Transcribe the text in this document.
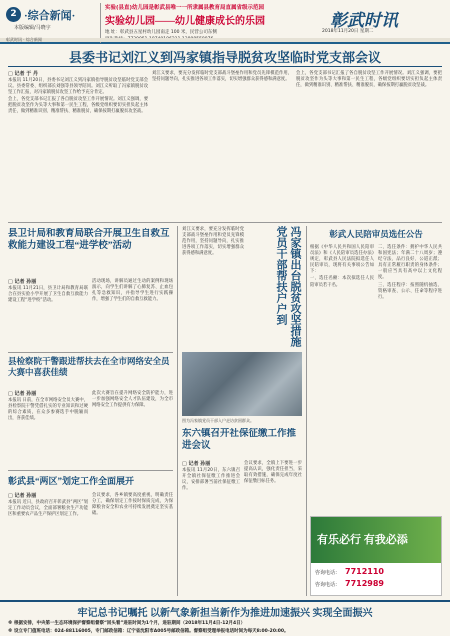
2 ·综合新闻·
本版编辑/马晓宇
实验(县直)幼儿园是彰武县唯一一所隶属县教育局直属省级示范园
实验幼儿园——幼儿健康成长的乐园
地 址：彰武县五星村幼儿园南走 100 米，民营公司东侧
彰武时讯
2018年11月20日 星期二
彰武时讯 · 综合新闻
县委书记刘江义到冯家镇指导脱贫攻坚临时党支部会议
□ 记者 于 丹

本报讯 11月20日，县委书记刘江义到冯家镇指导脱贫攻坚临时党支部会议。县委常委、组织部长刘强等县领导陪同。刘江义听取了冯家镇脱贫攻坚工作汇报，对冯家镇脱贫攻坚工作给予充分肯定。

会上，各党支部书记汇报了各自脱贫攻坚工作开展情况。刘江义强调，要把脱贫攻坚作为头等大事和第一民生工程，各级党组织要切实担负起主体责任，做到精准识别、精准帮扶、精准脱贫，确保按期打赢脱贫攻坚战。

刘江义要求，要充分发挥临时党支部战斗堡垒作用和党员先锋模范作用，坚持问题导向，扎实推进各项工作落实，切实增强群众获得感和满意度。

会上，各党支部书记汇报了各自脱贫攻坚工作开展情况。刘江义强调，要把脱贫攻坚作为头等大事和第一民生工程，各级党组织要切实担负起主体责任，做到精准识别、精准帮扶、精准脱贫，确保按期打赢脱贫攻坚战。

县卫计局和教育局联合开展卫生自救互救能力建设工程“进学校”活动
□ 记者 孙丽

本报讯 11月21日，县卫计局和教育局联合在县实验小学开展了卫生自救互救能力建设工程“进学校”活动。

活动现场，讲解员通过生动的案例和现场演示，向学生们讲解了心肺复苏、止血包扎等急救知识，并指导学生进行实践操作，增强了学生们的自救互救能力。

县检察院干警跟进帮扶去在全市网络安全员大赛中喜获佳绩
□ 记者 孙丽

本报讯 日前，在全市网络安全员大赛中，县检察院干警凭借扎实的专业知识和过硬的综合素质，在众多参赛选手中脱颖而出，喜获佳绩。

此次大赛旨在提升网络安全防护能力，进一步加强网络安全人才队伍建设，为全市网络安全工作提供有力保障。

彰武县“两区”划定工作全面展开
□ 记者 孙丽

本报讯 近日，县政府召开彰武县“两区”划定工作动员会议，全面部署粮食生产功能区和重要农产品生产保护区划定工作。

会议要求，各乡镇要高度重视，明确责任分工，确保划定工作按时保质完成，为保障粮食安全和农业可持续发展奠定坚实基础。

刘江义要求，要充分发挥临时党支部战斗堡垒作用和党员先锋模范作用，坚持问题导向，扎实推进各项工作落实，切实增强群众获得感和满意度。	冯家镇出台脱贫攻坚措施 党员干部帮扶户户到
图为冯家镇党员干部入户走访贫困群众。
东六镇召开社保征缴工作推进会议
□ 记者 孙丽

本报讯 11月20日，东六镇召开全镇社保征缴工作推进会议，安排部署当前社保征缴工作。

会议要求，全镇上下要进一步提高认识，强化责任担当，采取有效措施，确保完成年度社保征缴目标任务。

彰武人民陪审员选任公告

根据《中华人民共和国人民陪审员法》和《人民陪审员选任办法》规定，彰武县人民法院拟选任人民陪审员，现将有关事项公告如下：

一、选任名额：本次拟选任人民陪审员若干名。

二、选任条件：拥护中华人民共和国宪法；年满二十八周岁；遵纪守法、品行良好、公道正派；具有正常履行职责的身体条件；一般应当具有高中以上文化程度。

三、选任程序：按照随机抽选、资格审查、公示、任命等程序进行。

有乐必行 有我必添
咨询电话： 7712110
咨询电话： 7712989
牢记总书记嘱托 以新气象新担当新作为推进加速振兴 实现全面振兴
※ 根据安排，中央第一生态环境保护督察组督察“回头看”进驻时间为1个月，进驻期间（2018年11月4日-12月4日）
※ 设立专门值班电话：024-88116005，专门邮政信箱：辽宁省沈阳市A005号邮政信箱。督察组受理举报电话时间为每天8:00-20:00。
